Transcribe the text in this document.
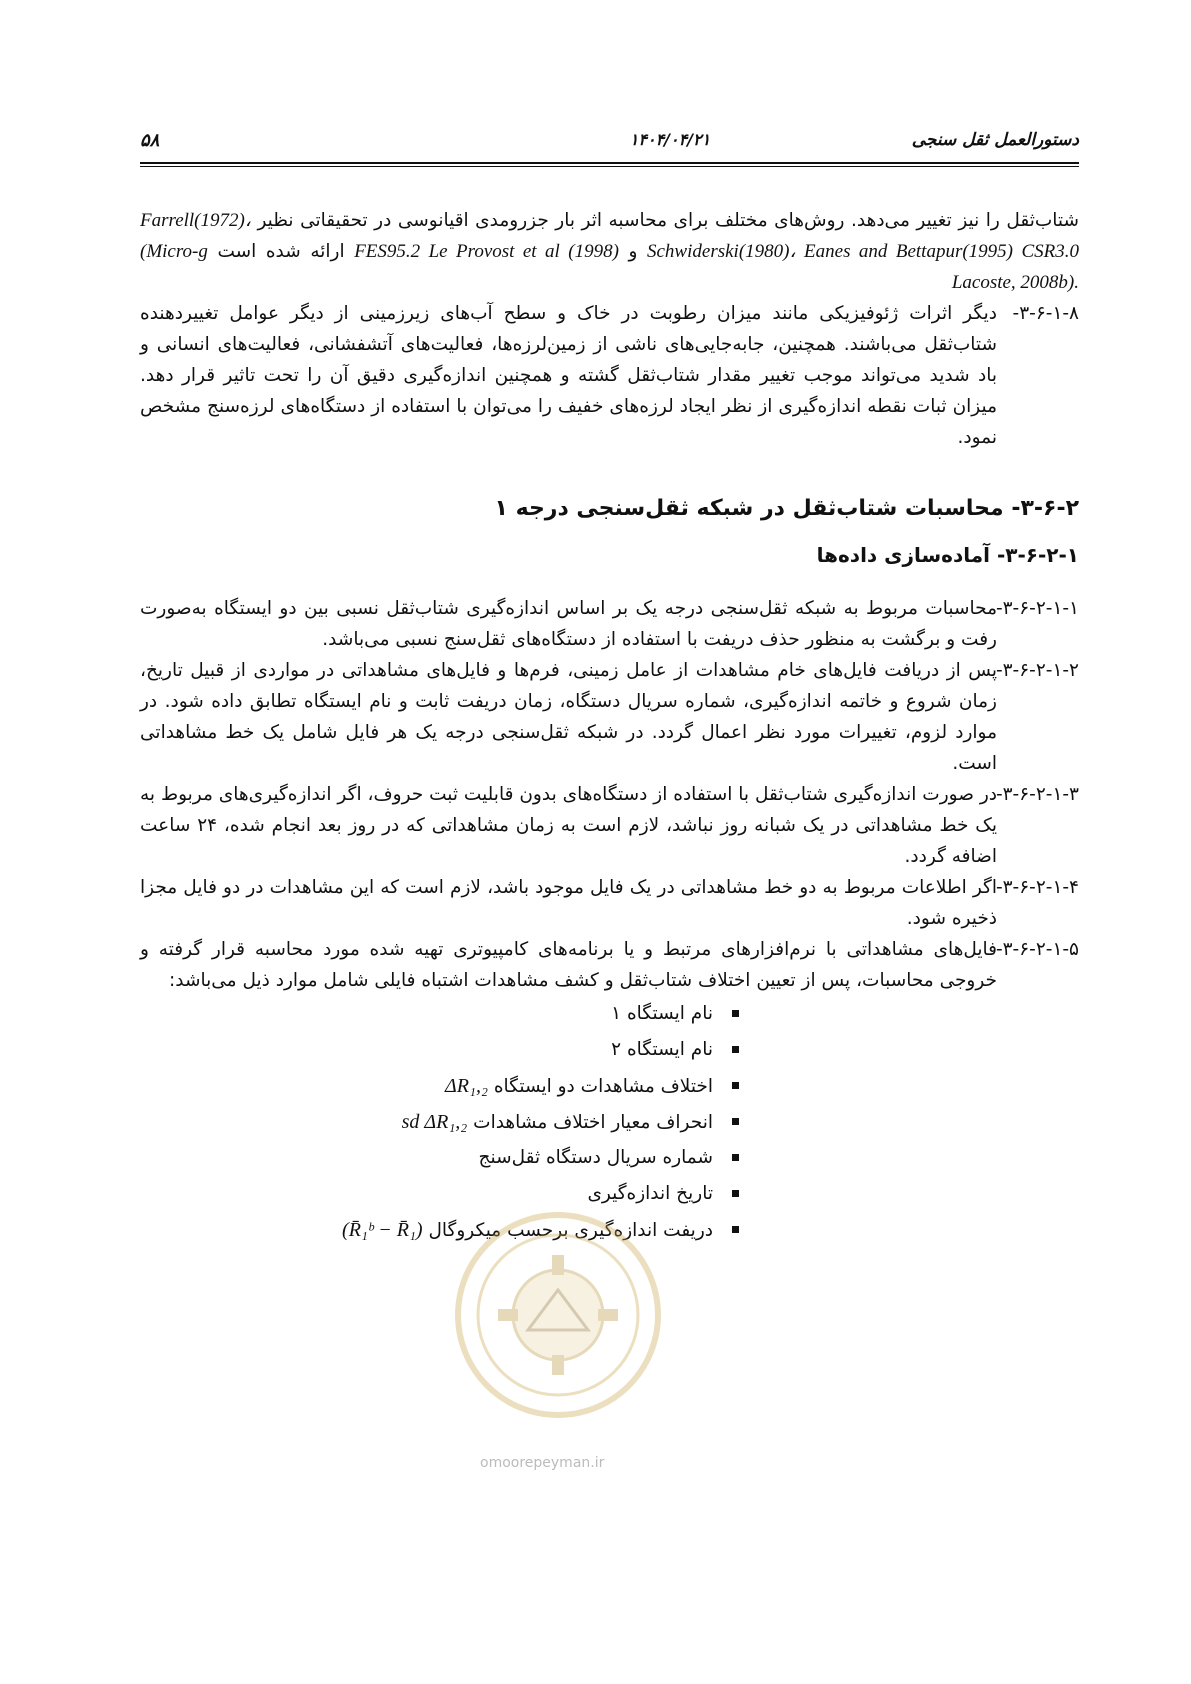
۵۸	۱۴۰۴/۰۴/۲۱	دستورالعمل ثقل سنجی

شتاب‌ثقل را نیز تغییر می‌دهد. روش‌های مختلف برای محاسبه اثر بار جزرومدی اقیانوسی در تحقیقاتی نظیر Farrell(1972)، Schwiderski(1980)، Eanes and Bettapur(1995) CSR3.0 و FES95.2 Le Provost et al (1998) ارائه شده است (Micro-g Lacoste, 2008b).

-۳-۶-۱-۸
دیگر اثرات ژئوفیزیکی مانند میزان رطوبت در خاک و سطح آب‌های زیرزمینی از دیگر عوامل تغییردهنده شتاب‌ثقل می‌باشند. همچنین، جابه‌جایی‌های ناشی از زمین‌لرزه‌ها، فعالیت‌های آتشفشانی، فعالیت‌های انسانی و باد شدید می‌تواند موجب تغییر مقدار شتاب‌ثقل گشته و همچنین اندازه‌گیری دقیق آن را تحت تاثیر قرار دهد. میزان ثبات نقطه اندازه‌گیری از نظر ایجاد لرزه‌های خفیف را می‌توان با استفاده از دستگاه‌های لرزه‌سنج مشخص نمود.
۳-۶-۲- محاسبات شتاب‌ثقل در شبکه ثقل‌سنجی درجه ۱
۳-۶-۲-۱- آماده‌سازی داده‌ها
-۳-۶-۲-۱-۱
محاسبات مربوط به شبکه ثقل‌سنجی درجه یک بر اساس اندازه‌گیری شتاب‌ثقل نسبی بین دو ایستگاه به‌صورت رفت و برگشت به منظور حذف دریفت با استفاده از دستگاه‌های ثقل‌سنج نسبی می‌باشد.
-۳-۶-۲-۱-۲
پس از دریافت فایل‌های خام مشاهدات از عامل زمینی، فرم‌ها و فایل‌های مشاهداتی در مواردی از قبیل تاریخ، زمان شروع و خاتمه اندازه‌گیری، شماره سریال دستگاه، زمان دریفت ثابت و نام ایستگاه تطابق داده شود. در موارد لزوم، تغییرات مورد نظر اعمال گردد. در شبکه ثقل‌سنجی درجه یک هر فایل شامل یک خط مشاهداتی است.
-۳-۶-۲-۱-۳
در صورت اندازه‌گیری شتاب‌ثقل با استفاده از دستگاه‌های بدون قابلیت ثبت حروف، اگر اندازه‌گیری‌های مربوط به یک خط مشاهداتی در یک شبانه روز نباشد، لازم است به زمان مشاهداتی که در روز بعد انجام شده، ۲۴ ساعت اضافه گردد.
-۳-۶-۲-۱-۴
اگر اطلاعات مربوط به دو خط مشاهداتی در یک فایل موجود باشد، لازم است که این مشاهدات در دو فایل مجزا ذخیره شود.
-۳-۶-۲-۱-۵
فایل‌های مشاهداتی با نرم‌افزارهای مرتبط و یا برنامه‌های کامپیوتری تهیه شده مورد محاسبه قرار گرفته و خروجی محاسبات، پس از تعیین اختلاف شتاب‌ثقل و کشف مشاهدات اشتباه فایلی شامل موارد ذیل می‌باشد:
نام ایستگاه ۱
نام ایستگاه ۲
اختلاف مشاهدات دو ایستگاه ΔR₁,₂
انحراف معیار اختلاف مشاهدات sd ΔR₁,₂
شماره سریال دستگاه ثقل‌سنج
تاریخ اندازه‌گیری
دریفت اندازه‌گیری برحسب میکروگال (R̄₁ᵇ − R̄₁)
omoorepeyman.ir
